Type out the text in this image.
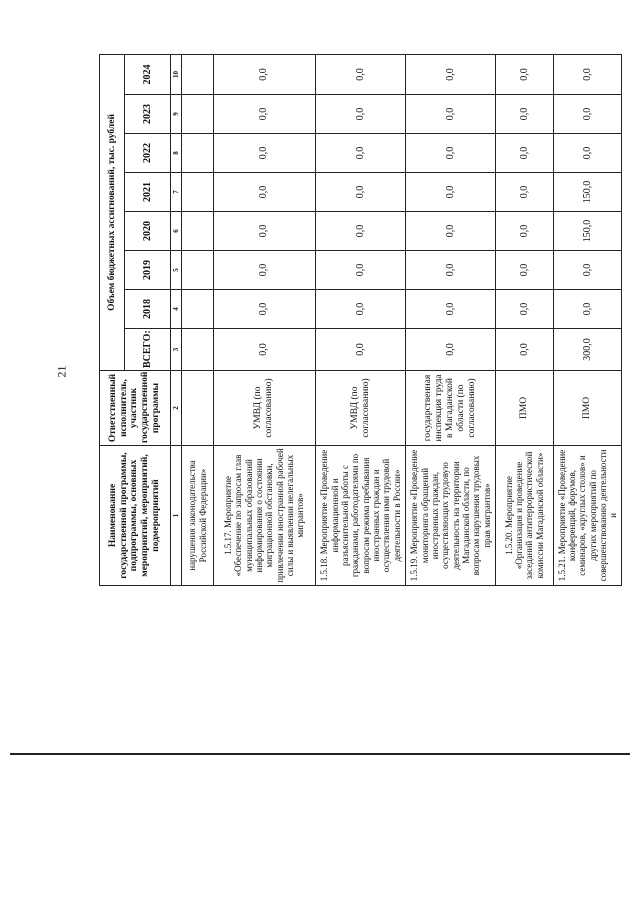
21
Наименование государственной программы, подпрограммы, основных мероприятий, мероприятий, подмероприятий	Ответственный исполнитель, участник государственной программы	Объем бюджетных ассигнований, тыс. рублей							
		ВСЕГО:	2018	2019	2020	2021	2022	2023	2024
1	2	3	4	5	6	7	8	9	10
нарушения законодательства Российской Федерации»									
1.5.17. Мероприятие «Обеспечение по запросам глав муниципальных образований информирования о состоянии миграционной обстановки, привлечении иностранной рабочей силы и выявлении нелегальных мигрантов»	УМВД (по согласованию)	0,0	0,0	0,0	0,0	0,0	0,0	0,0	0,0
1.5.18. Мероприятие «Проведение информационной и разъяснительной работы с гражданами, работодателями по вопросам режима пребывания иностранных граждан и осуществления ими трудовой деятельности в России»	УМВД (по согласованию)	0,0	0,0	0,0	0,0	0,0	0,0	0,0	0,0
1.5.19. Мероприятие «Проведение мониторинга обращений иностранных граждан, осуществляющих трудовую деятельность на территории Магаданской области, по вопросам нарушения трудовых прав мигрантов»	государственная инспекция труда в Магаданской области (по согласованию)	0,0	0,0	0,0	0,0	0,0	0,0	0,0	0,0
1.5.20. Мероприятие «Организация и проведение заседаний антитеррористической комиссии Магаданской области»	ПМО	0,0	0,0	0,0	0,0	0,0	0,0	0,0	0,0
1.5.21. Мероприятие «Проведение конференций, форумов, семинаров, «круглых столов» и других мероприятий по совершенствованию деятельности и	ПМО	300,0	0,0	0,0	150,0	150,0	0,0	0,0	0,0
